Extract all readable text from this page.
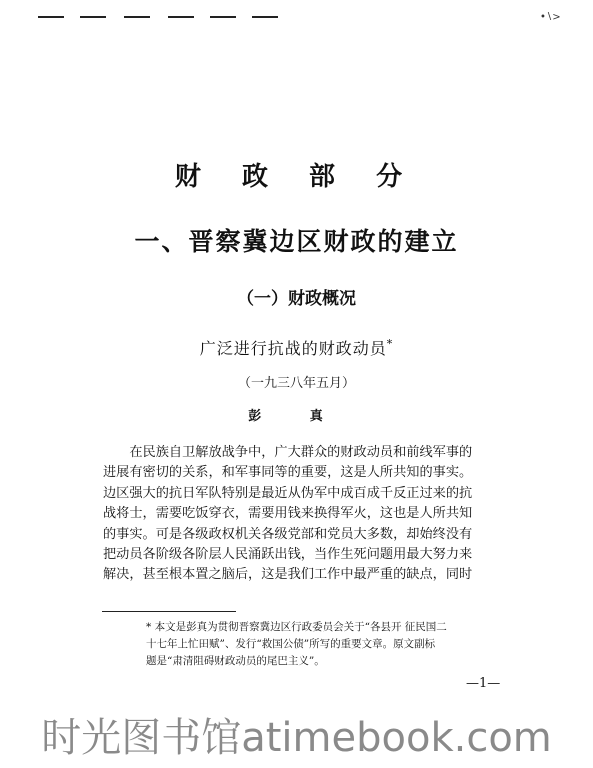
•∖>
财 政 部 分
一、晋察冀边区财政的建立
（一）财政概况
广泛进行抗战的财政动员*
（一九三八年五月）
彭 真
　　在民族自卫解放战争中，广大群众的财政动员和前线军事的
进展有密切的关系，和军事同等的重要，这是人所共知的事实。
边区强大的抗日军队特别是最近从伪军中成百成千反正过来的抗
战将士，需要吃饭穿衣，需要用钱来换得军火，这也是人所共知
的事实。可是各级政权机关各级党部和党员大多数，却始终没有
把动员各阶级各阶层人民涌跃出钱，当作生死问题用最大努力来
解决，甚至根本置之脑后，这是我们工作中最严重的缺点，同时
* 本文是彭真为贯彻晋察冀边区行政委员会关于“各县开 征民国二
十七年上忙田赋”、发行“救国公债”所写的重要文章。原文副标
题是“肃清阻碍财政动员的尾巴主义”。
—1—
时光图书馆atimebook.com
